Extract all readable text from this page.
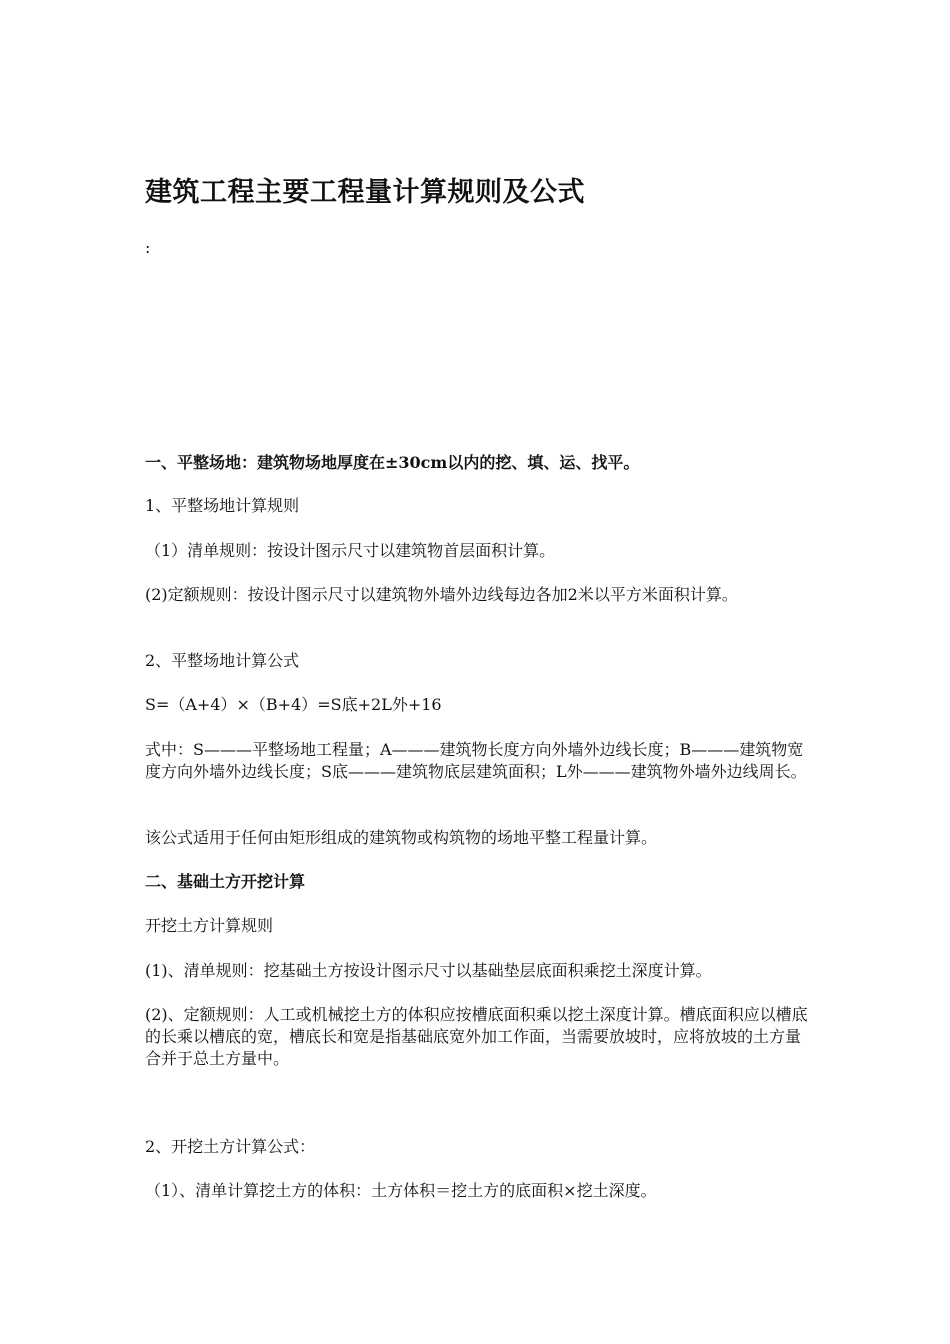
建筑工程主要工程量计算规则及公式
:

一、平整场地：建筑物场地厚度在±30cm以内的挖、填、运、找平。

1、平整场地计算规则

（1）清单规则：按设计图示尺寸以建筑物首层面积计算。

(2)定额规则：按设计图示尺寸以建筑物外墙外边线每边各加2米以平方米面积计算。

2、平整场地计算公式

S=（A+4）×（B+4）=S底+2L外+16

式中：S———平整场地工程量；A———建筑物长度方向外墙外边线长度；B———建筑物宽度方向外墙外边线长度；S底———建筑物底层建筑面积；L外———建筑物外墙外边线周长。

该公式适用于任何由矩形组成的建筑物或构筑物的场地平整工程量计算。

二、基础土方开挖计算

开挖土方计算规则

(1)、清单规则：挖基础土方按设计图示尺寸以基础垫层底面积乘挖土深度计算。

(2)、定额规则：人工或机械挖土方的体积应按槽底面积乘以挖土深度计算。槽底面积应以槽底的长乘以槽底的宽，槽底长和宽是指基础底宽外加工作面，当需要放坡时，应将放坡的土方量合并于总土方量中。

2、开挖土方计算公式：

（1）、清单计算挖土方的体积：土方体积＝挖土方的底面积×挖土深度。
